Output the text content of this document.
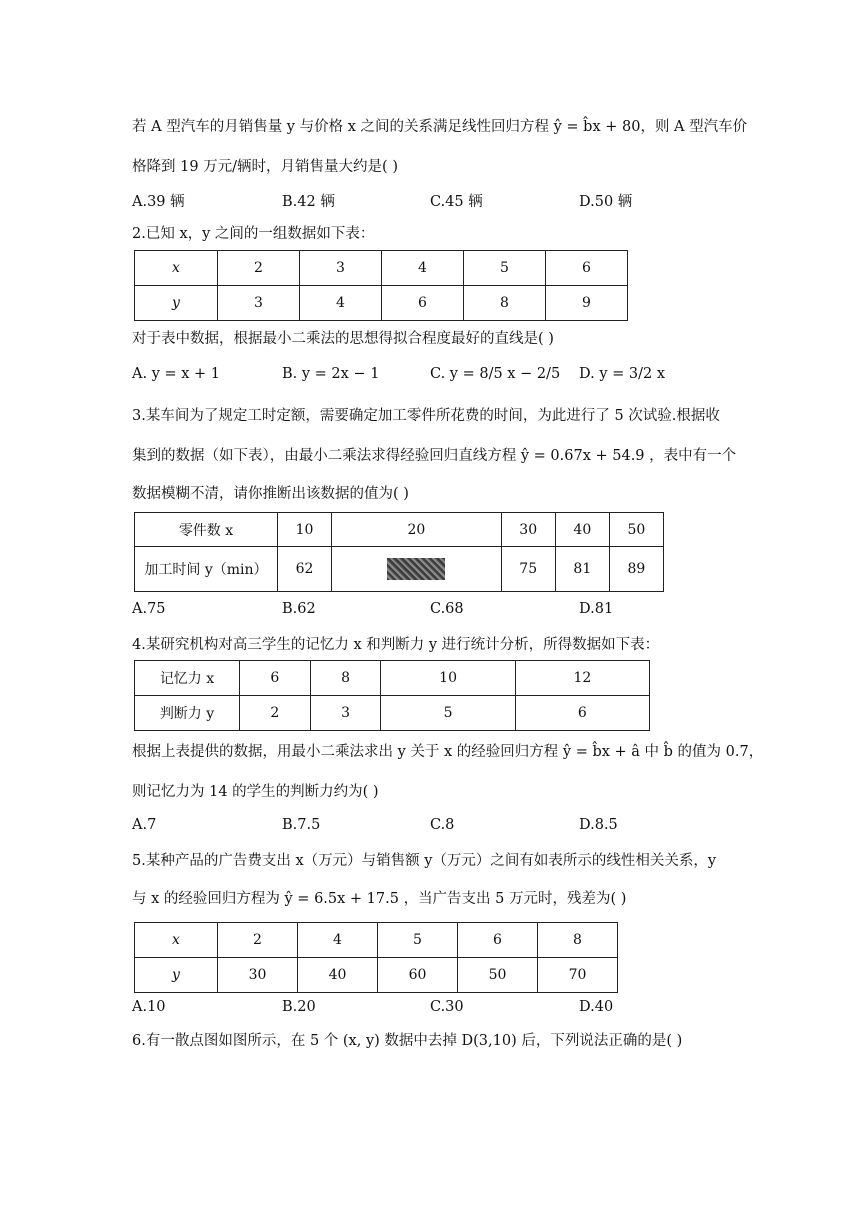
若 A 型汽车的月销售量 y 与价格 x 之间的关系满足线性回归方程 ŷ = b̂x + 80，则 A 型汽车价
格降到 19 万元/辆时，月销售量大约是( )
A.39 辆	B.42 辆	C.45 辆	D.50 辆
2.已知 x，y 之间的一组数据如下表：
x	2	3	4	5	6
y	3	4	6	8	9
对于表中数据，根据最小二乘法的思想得拟合程度最好的直线是( )
A. y = x + 1	B. y = 2x − 1	C. y = 8/5 x − 2/5 D. y = 3/2 x
3.某车间为了规定工时定额，需要确定加工零件所花费的时间，为此进行了 5 次试验.根据收
集到的数据（如下表），由最小二乘法求得经验回归直线方程 ŷ = 0.67x + 54.9 ，表中有一个
数据模糊不清，请你推断出该数据的值为( )
零件数 x	10	20	30	40	50
加工时间 y（min）	62		75	81	89
A.75	B.62	C.68	D.81
4.某研究机构对高三学生的记忆力 x 和判断力 y 进行统计分析，所得数据如下表：
记忆力 x	6	8	10	12
判断力 y	2	3	5	6
根据上表提供的数据，用最小二乘法求出 y 关于 x 的经验回归方程 ŷ = b̂x + â 中 b̂ 的值为 0.7，
则记忆力为 14 的学生的判断力约为( )
A.7	B.7.5	C.8	D.8.5
5.某种产品的广告费支出 x（万元）与销售额 y（万元）之间有如表所示的线性相关关系，y
与 x 的经验回归方程为 ŷ = 6.5x + 17.5 ，当广告支出 5 万元时，残差为( )
x	2	4	5	6	8
y	30	40	60	50	70
A.10	B.20	C.30	D.40
6.有一散点图如图所示，在 5 个 (x, y) 数据中去掉 D(3,10) 后，下列说法正确的是( )
